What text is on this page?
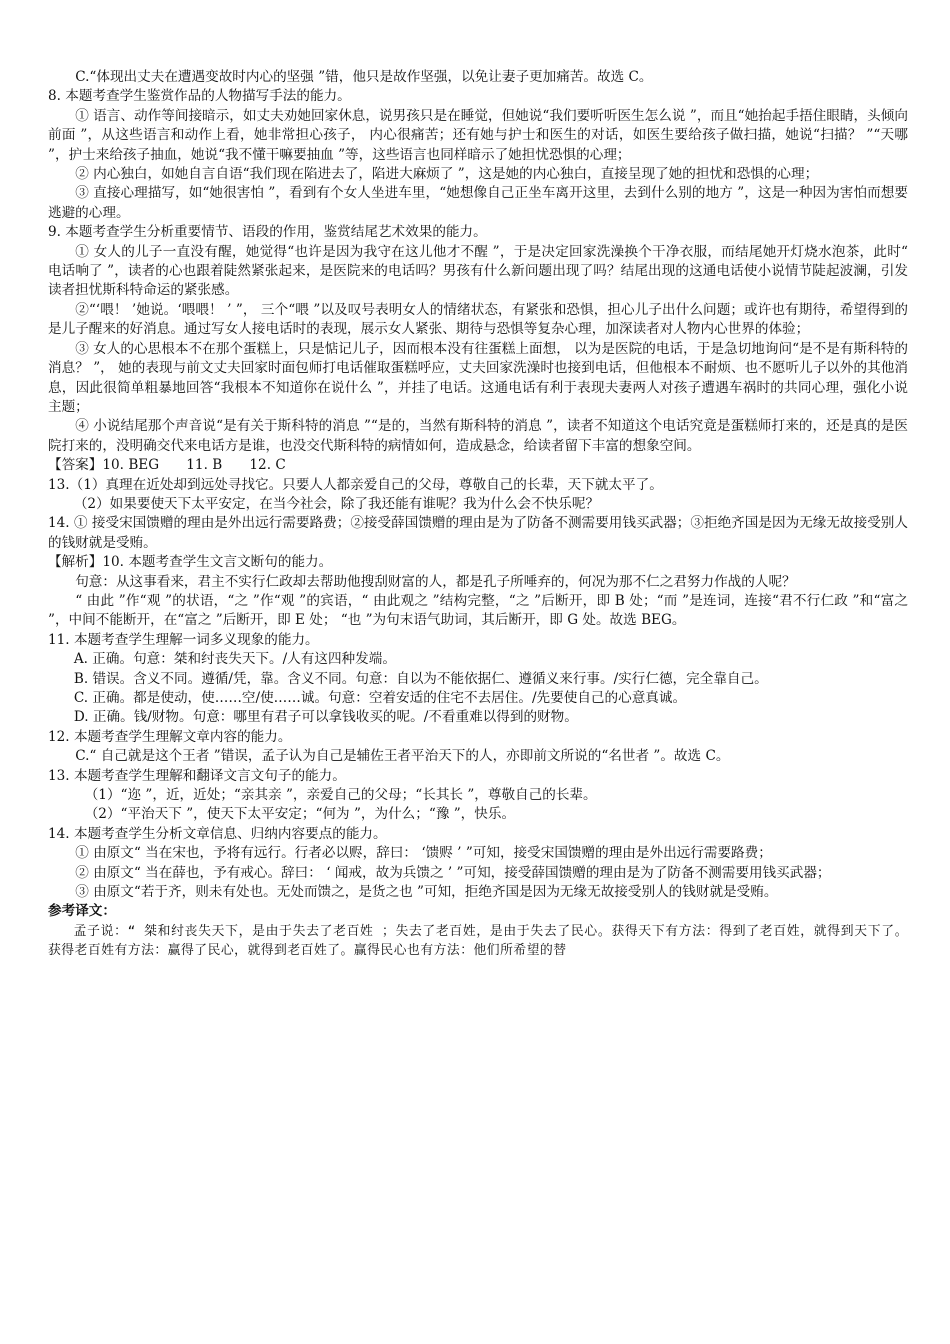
C.“体现出丈夫在遭遇变故时内心的坚强 ”错，他只是故作坚强，以免让妻子更加痛苦。故选 C。

8. 本题考查学生鉴赏作品的人物描写手法的能力。

① 语言、动作等间接暗示，如丈夫劝她回家休息，说男孩只是在睡觉，但她说“我们要听听医生怎么说 ”，而且“她抬起手捂住眼睛，头倾向前面 ”，从这些语言和动作上看，她非常担心孩子， 内心很痛苦；还有她与护士和医生的对话，如医生要给孩子做扫描，她说“扫描？ ”“天哪 ”，护士来给孩子抽血，她说“我不懂干嘛要抽血 ”等，这些语言也同样暗示了她担忧恐惧的心理；

② 内心独白，如她自言自语“我们现在陷进去了，陷进大麻烦了 ”，这是她的内心独白，直接呈现了她的担忧和恐惧的心理；

③ 直接心理描写，如“她很害怕 ”，看到有个女人坐进车里，“她想像自己正坐车离开这里，去到什么别的地方 ”，这是一种因为害怕而想要逃避的心理。

9. 本题考查学生分析重要情节、语段的作用，鉴赏结尾艺术效果的能力。

① 女人的儿子一直没有醒，她觉得“也许是因为我守在这儿他才不醒 ”，于是决定回家洗澡换个干净衣服，而结尾她开灯烧水泡茶，此时“ 电话响了 ”，读者的心也跟着陡然紧张起来，是医院来的电话吗？男孩有什么新问题出现了吗？结尾出现的这通电话使小说情节陡起波澜，引发读者担忧斯科特命运的紧张感。

②“‘喂！ ’她说。‘喂喂！ ’ ”， 三个“喂 ”以及叹号表明女人的情绪状态，有紧张和恐惧，担心儿子出什么问题；或许也有期待，希望得到的是儿子醒来的好消息。通过写女人接电话时的表现，展示女人紧张、期待与恐惧等复杂心理，加深读者对人物内心世界的体验；

③ 女人的心思根本不在那个蛋糕上，只是惦记儿子，因而根本没有往蛋糕上面想， 以为是医院的电话，于是急切地询问“是不是有斯科特的消息？ ”， 她的表现与前文丈夫回家时面包师打电话催取蛋糕呼应，丈夫回家洗澡时也接到电话，但他根本不耐烦、也不愿听儿子以外的其他消息，因此很简单粗暴地回答“我根本不知道你在说什么 ”，并挂了电话。这通电话有利于表现夫妻两人对孩子遭遇车祸时的共同心理，强化小说主题；

④ 小说结尾那个声音说“是有关于斯科特的消息 ”“是的，当然有斯科特的消息 ”，读者不知道这个电话究竟是蛋糕师打来的，还是真的是医院打来的，没明确交代来电话方是谁，也没交代斯科特的病情如何，造成悬念，给读者留下丰富的想象空间。

【答案】10. BEG　　11. B　　12. C

13.（1）真理在近处却到远处寻找它。只要人人都亲爱自己的父母，尊敬自己的长辈，天下就太平了。

（2）如果要使天下太平安定，在当今社会，除了我还能有谁呢？我为什么会不快乐呢？

14. ① 接受宋国馈赠的理由是外出远行需要路费；②接受薛国馈赠的理由是为了防备不测需要用钱买武器；③拒绝齐国是因为无缘无故接受别人的钱财就是受贿。

【解析】10. 本题考查学生文言文断句的能力。

句意：从这事看来，君主不实行仁政却去帮助他搜刮财富的人，都是孔子所唾弃的，何况为那不仁之君努力作战的人呢？

“ 由此 ”作“观 ”的状语，“之 ”作“观 ”的宾语，“ 由此观之 ”结构完整，“之 ”后断开，即 B 处；“而 ”是连词，连接“君不行仁政 ”和“富之 ”，中间不能断开，在“富之 ”后断开，即 E 处； “也 ”为句末语气助词，其后断开，即 G 处。故选 BEG。

11. 本题考查学生理解一词多义现象的能力。

A. 正确。句意：桀和纣丧失天下。/人有这四种发端。

B. 错误。含义不同。遵循/凭，靠。含义不同。句意：自以为不能依据仁、遵循义来行事。/实行仁德，完全靠自己。

C. 正确。都是使动，使……空/使……诚。句意：空着安适的住宅不去居住。/先要使自己的心意真诚。

D. 正确。钱/财物。句意：哪里有君子可以拿钱收买的呢。/不看重难以得到的财物。

12. 本题考查学生理解文章内容的能力。

C.“ 自己就是这个王者 ”错误，孟子认为自己是辅佐王者平治天下的人，亦即前文所说的“名世者 ”。故选 C。

13. 本题考查学生理解和翻译文言文句子的能力。

（1）“迩 ”，近，近处；“亲其亲 ”，亲爱自己的父母；“长其长 ”，尊敬自己的长辈。

（2）“平治天下 ”，使天下太平安定；“何为 ”，为什么；“豫 ”，快乐。

14. 本题考查学生分析文章信息、归纳内容要点的能力。

① 由原文“ 当在宋也，予将有远行。行者必以赆，辞曰： ‘馈赆 ’ ”可知，接受宋国馈赠的理由是外出远行需要路费；

② 由原文“ 当在薛也，予有戒心。辞曰： ‘ 闻戒，故为兵馈之 ’ ”可知，接受薛国馈赠的理由是为了防备不测需要用钱买武器；

③ 由原文“若于齐，则未有处也。无处而馈之，是货之也 ”可知，拒绝齐国是因为无缘无故接受别人的钱财就是受贿。

参考译文：

孟子说：“ 桀和纣丧失天下，是由于失去了老百姓 ；失去了老百姓，是由于失去了民心。获得天下有方法：得到了老百姓，就得到天下了。获得老百姓有方法：赢得了民心，就得到老百姓了。赢得民心也有方法：他们所希望的替
